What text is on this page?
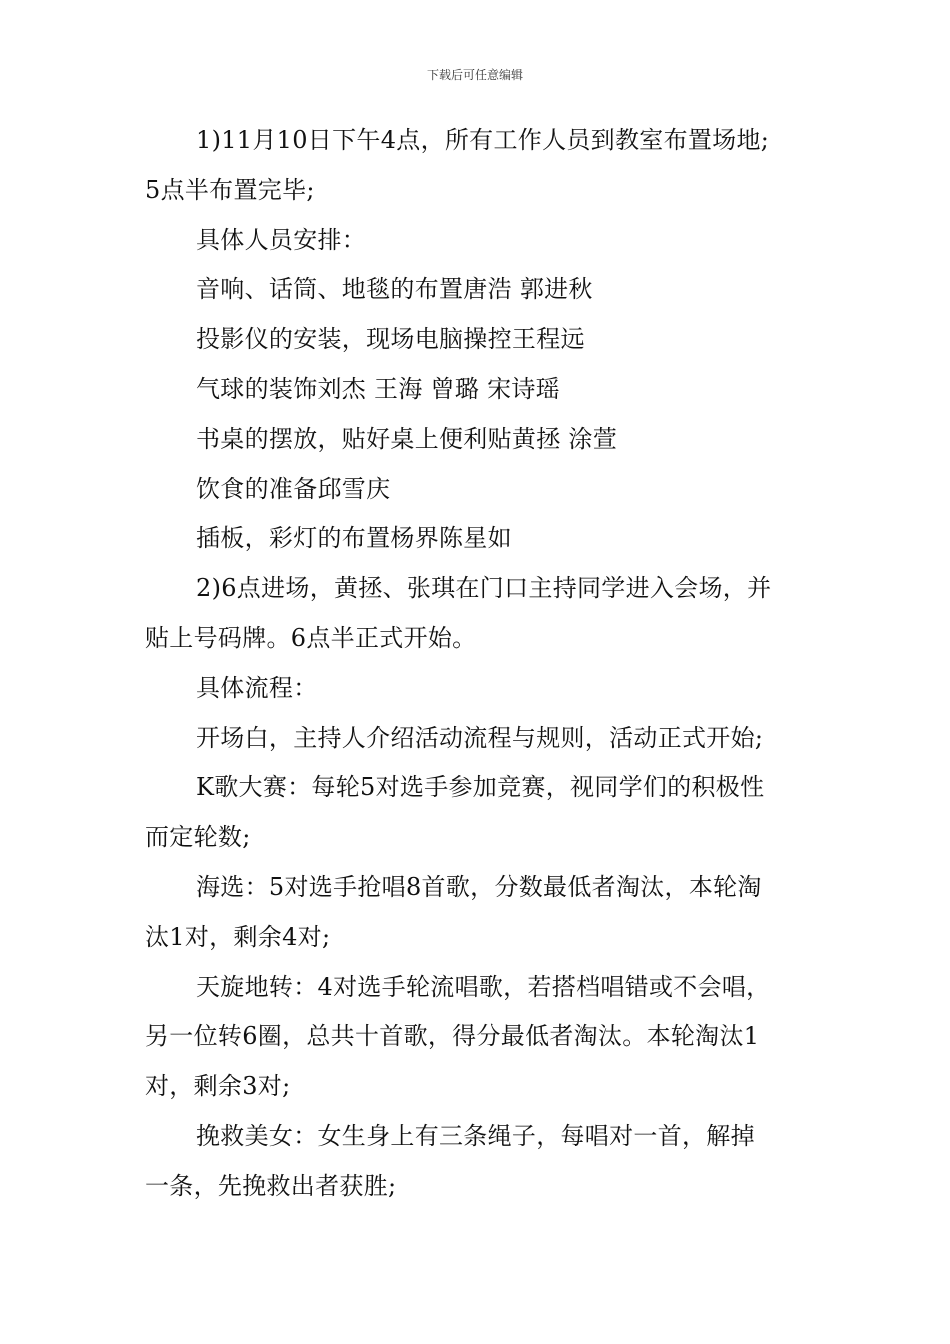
下载后可任意编辑
1)11月10日下午4点，所有工作人员到教室布置场地;
5点半布置完毕;
具体人员安排：
音响、话筒、地毯的布置唐浩 郭进秋
投影仪的安装，现场电脑操控王程远
气球的装饰刘杰 王海 曾璐 宋诗瑶
书桌的摆放，贴好桌上便利贴黄拯 涂萱
饮食的准备邱雪庆
插板，彩灯的布置杨界陈星如
2)6点进场，黄拯、张琪在门口主持同学进入会场，并
贴上号码牌。6点半正式开始。
具体流程：
开场白，主持人介绍活动流程与规则，活动正式开始;
K歌大赛：每轮5对选手参加竞赛，视同学们的积极性
而定轮数;
海选：5对选手抢唱8首歌，分数最低者淘汰，本轮淘
汰1对，剩余4对;
天旋地转：4对选手轮流唱歌，若搭档唱错或不会唱，
另一位转6圈，总共十首歌，得分最低者淘汰。本轮淘汰1
对，剩余3对;
挽救美女：女生身上有三条绳子，每唱对一首，解掉
一条，先挽救出者获胜;
